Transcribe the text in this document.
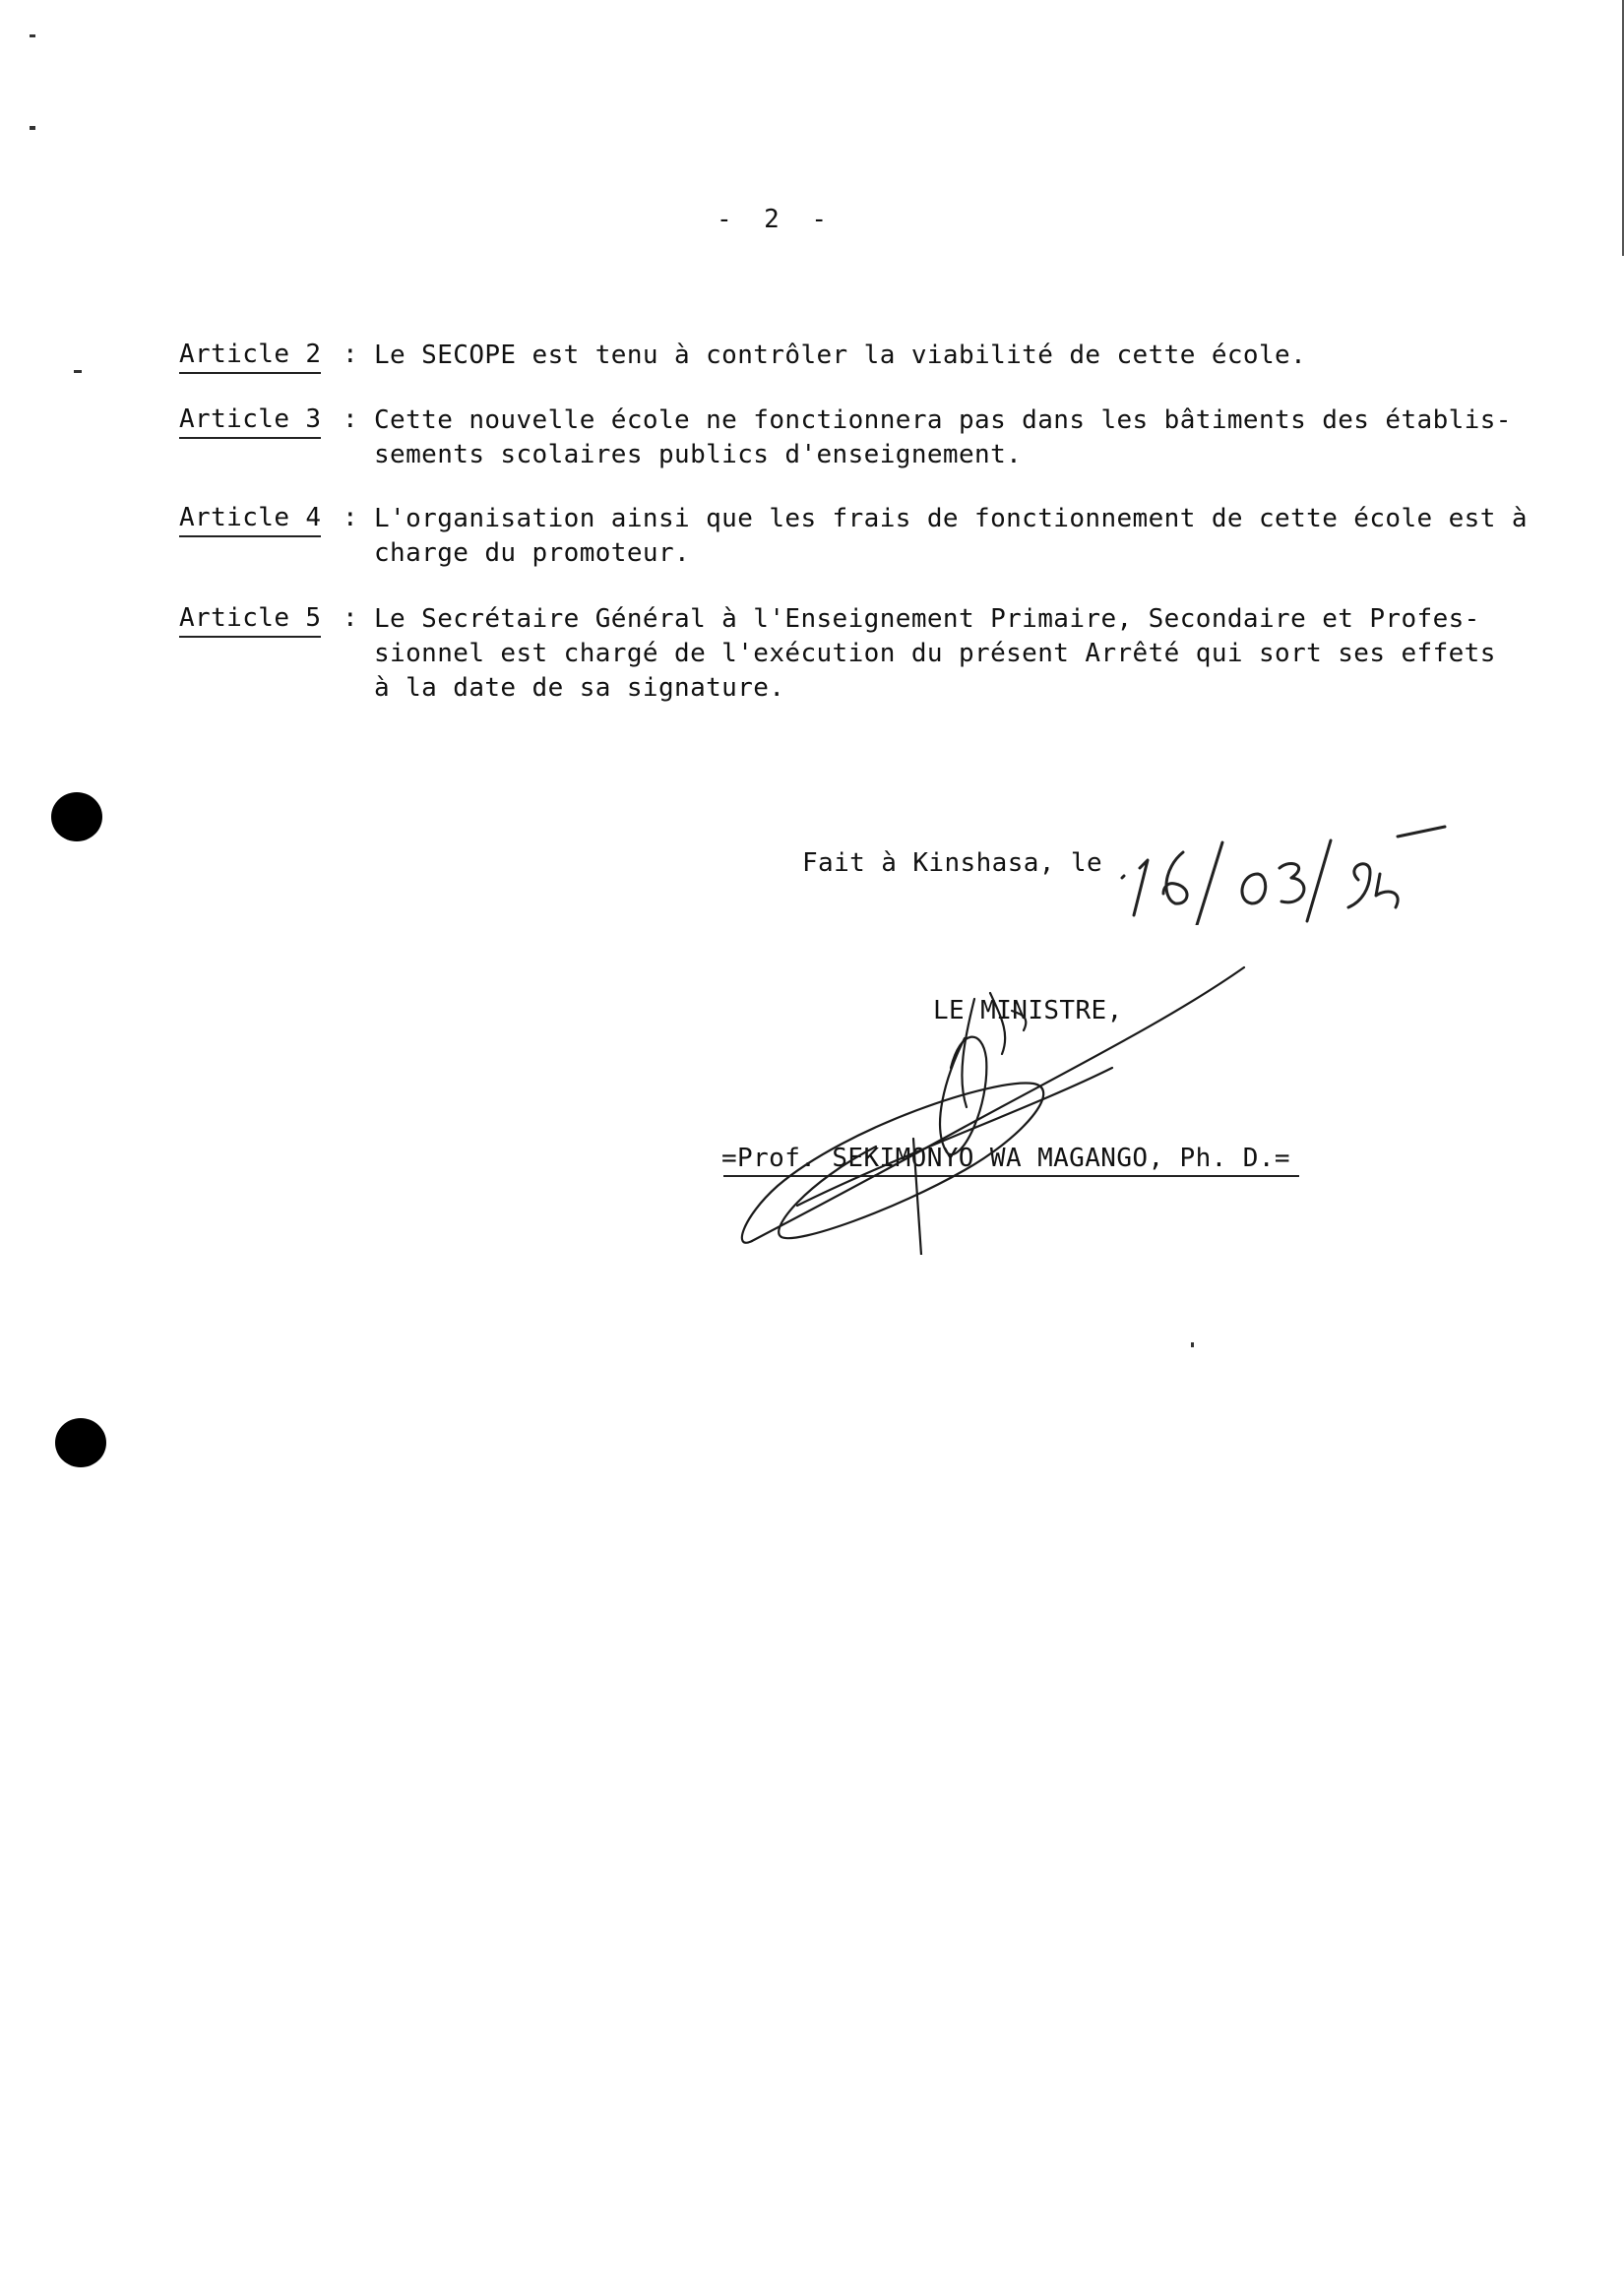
-  2  -
Article 2 : Le SECOPE est tenu à contrôler la viabilité de cette école.
Article 3 : Cette nouvelle école ne fonctionnera pas dans les bâtiments des établis-
sements scolaires publics d'enseignement.
Article 4 : L'organisation ainsi que les frais de fonctionnement de cette école est à
charge du promoteur.
Article 5 : Le Secrétaire Général à l'Enseignement Primaire, Secondaire et Profes-
sionnel est chargé de l'exécution du présent Arrêté qui sort ses effets
à la date de sa signature.
Fait à Kinshasa, le
LE MINISTRE,
=Prof. SEKIMONYO WA MAGANGO, Ph. D.=
